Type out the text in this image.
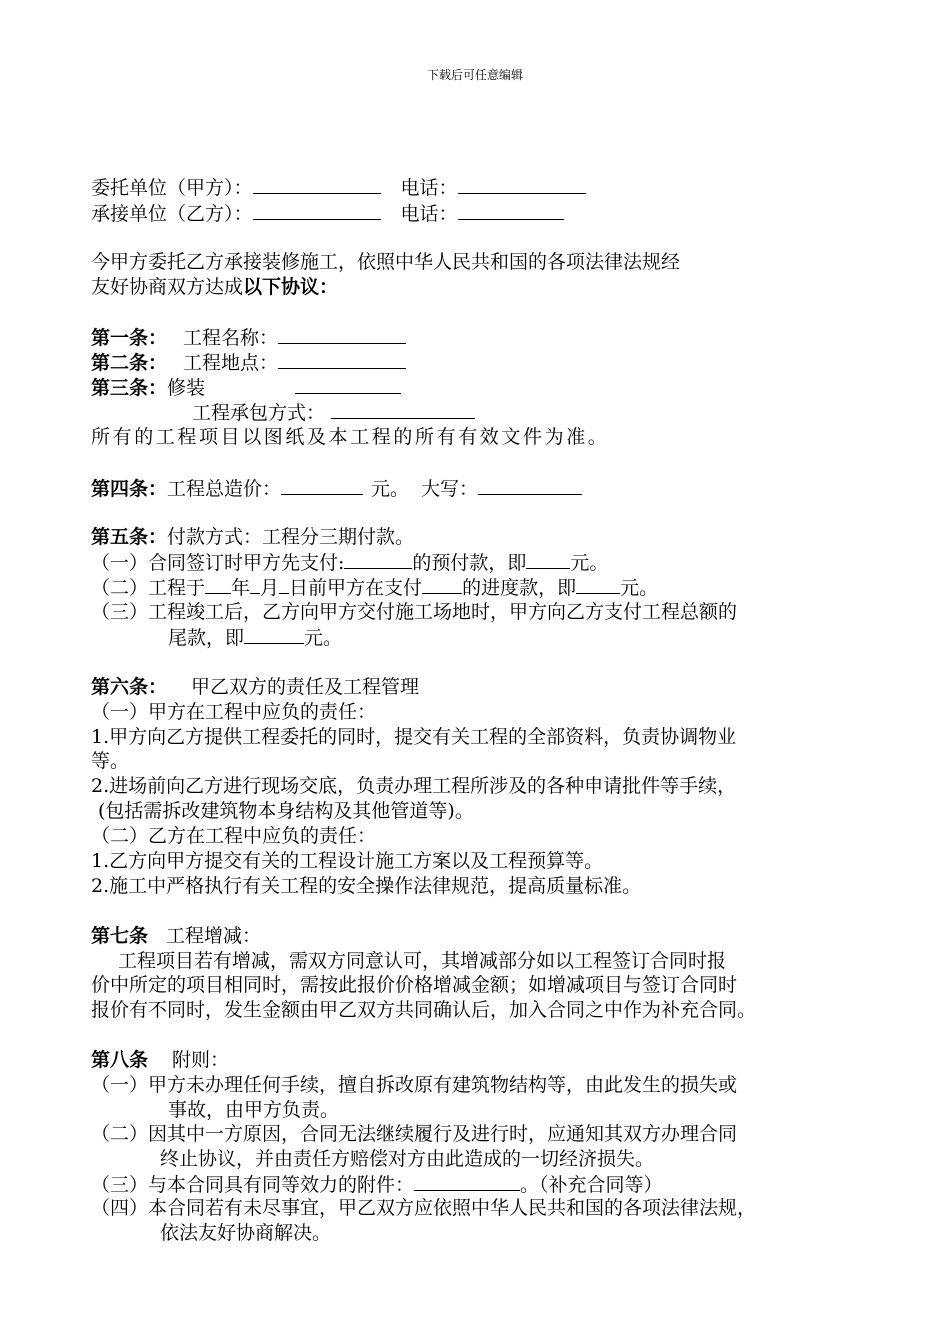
下载后可任意编辑
委托单位（甲方）：	电话：
承接单位（乙方）：	电话：
今甲方委托乙方承接装修施工，依照中华人民共和国的各项法律法规经
友好协商双方达成以下协议：
第一条： 工程名称：
第二条： 工程地点：
第三条：修装
工程承包方式：
所有的工程项目以图纸及本工程的所有有效文件为准。
第四条：工程总造价：	元。 大写：
第五条：付款方式：工程分三期付款。
（一）合同签订时甲方先支付:	的预付款，即 元。
（二）工程于 年 月 日前甲方在支付 的进度款，即 元。
（三）工程竣工后，乙方向甲方交付施工场地时，甲方向乙方支付工程总额的
尾款，即	元。
第六条： 甲乙双方的责任及工程管理
（一）甲方在工程中应负的责任：
1.甲方向乙方提供工程委托的同时，提交有关工程的全部资料，负责协调物业
等。
2.进场前向乙方进行现场交底，负责办理工程所涉及的各种申请批件等手续，
(包括需拆改建筑物本身结构及其他管道等)。
（二）乙方在工程中应负的责任：
1.乙方向甲方提交有关的工程设计施工方案以及工程预算等。
2.施工中严格执行有关工程的安全操作法律规范，提高质量标准。
第七条 工程增减：
工程项目若有增减，需双方同意认可，其增减部分如以工程签订合同时报
价中所定的项目相同时，需按此报价价格增减金额；如增减项目与签订合同时
报价有不同时，发生金额由甲乙双方共同确认后，加入合同之中作为补充合同。
第八条 附则：
（一）甲方未办理任何手续，擅自拆改原有建筑物结构等，由此发生的损失或
事故，由甲方负责。
（二）因其中一方原因，合同无法继续履行及进行时，应通知其双方办理合同
终止协议，并由责任方赔偿对方由此造成的一切经济损失。
（三）与本合同具有同等效力的附件：	。（补充合同等）
（四）本合同若有未尽事宜，甲乙双方应依照中华人民共和国的各项法律法规，
依法友好协商解决。
